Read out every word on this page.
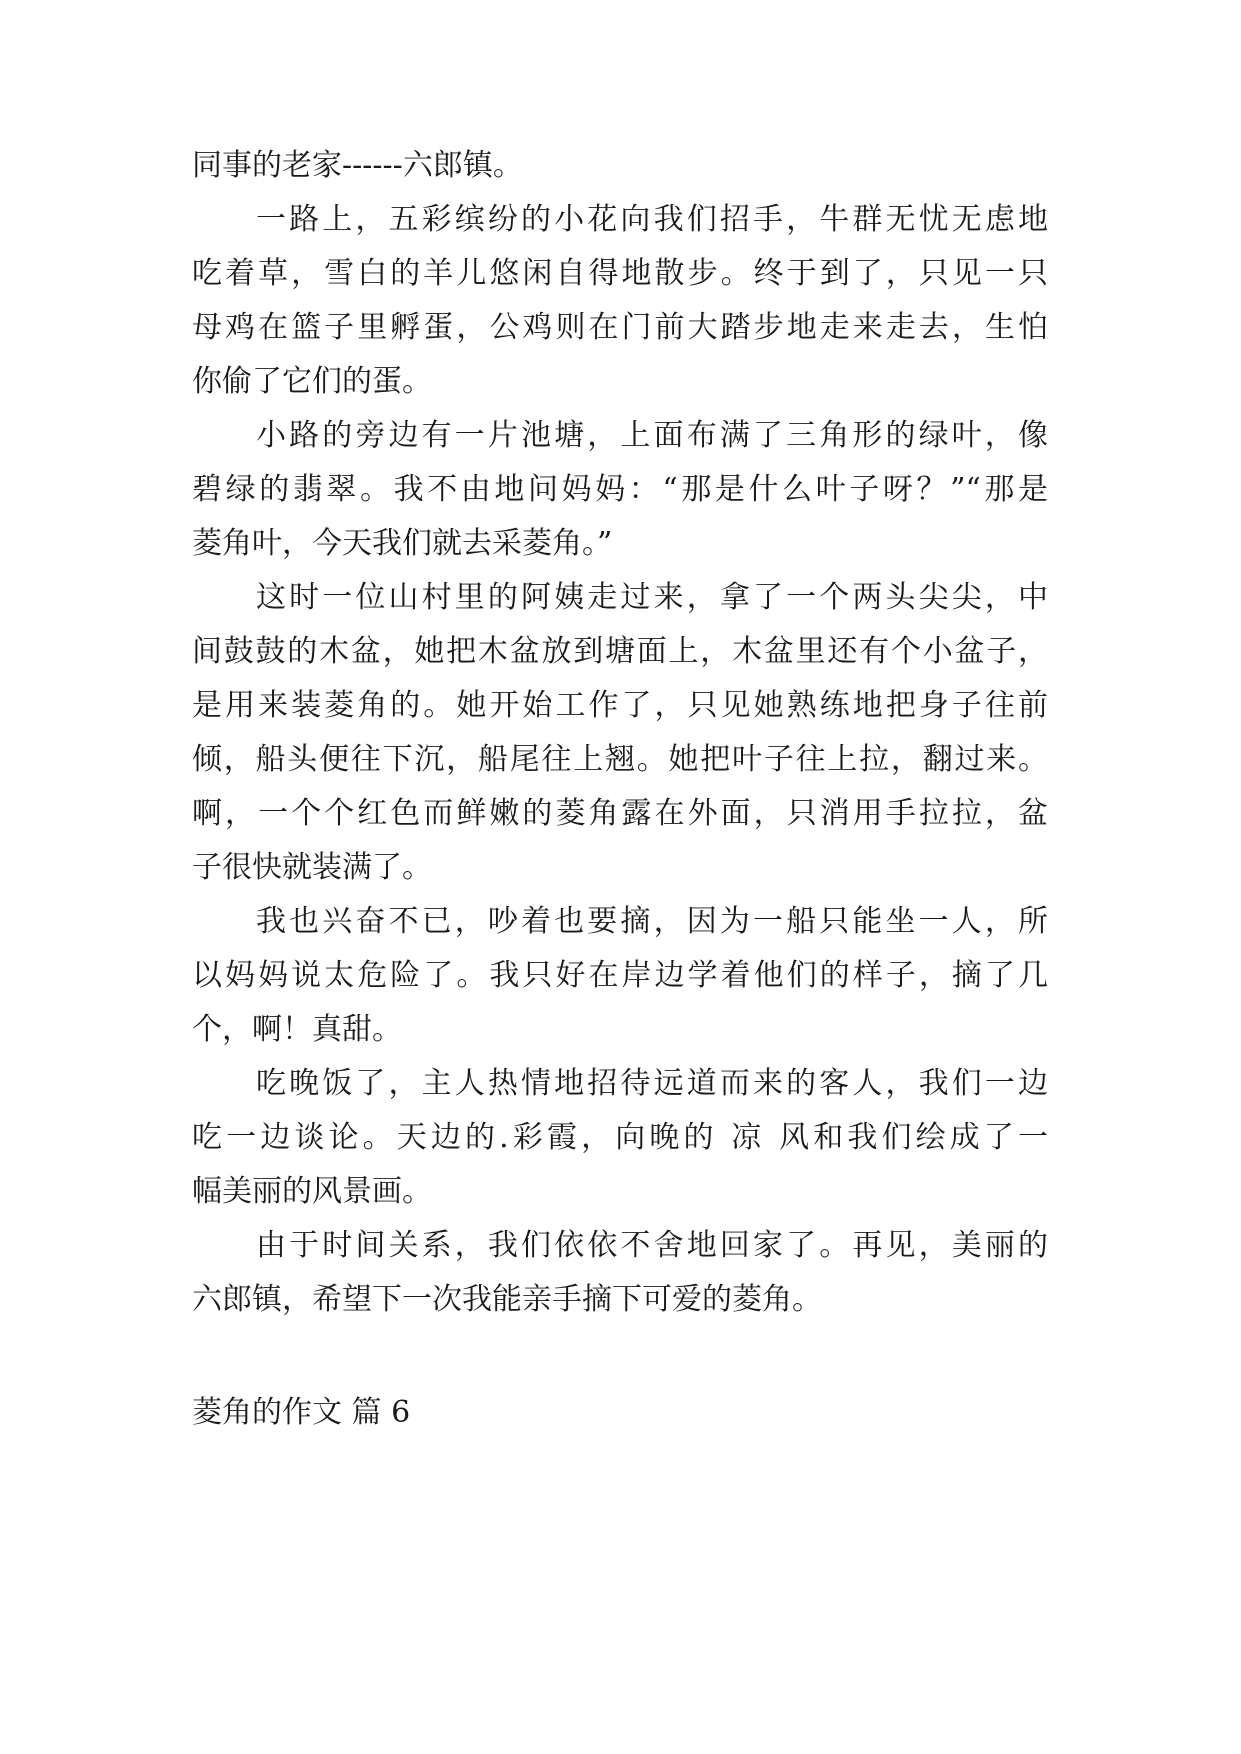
同事的老家------六郎镇。
一路上，五彩缤纷的小花向我们招手，牛群无忧无虑地
吃着草，雪白的羊儿悠闲自得地散步。终于到了，只见一只
母鸡在篮子里孵蛋，公鸡则在门前大踏步地走来走去，生怕
你偷了它们的蛋。
小路的旁边有一片池塘，上面布满了三角形的绿叶，像
碧绿的翡翠。我不由地问妈妈：“那是什么叶子呀？”“那是
菱角叶，今天我们就去采菱角。”
这时一位山村里的阿姨走过来，拿了一个两头尖尖，中
间鼓鼓的木盆，她把木盆放到塘面上，木盆里还有个小盆子，
是用来装菱角的。她开始工作了，只见她熟练地把身子往前
倾，船头便往下沉，船尾往上翘。她把叶子往上拉，翻过来。
啊，一个个红色而鲜嫩的菱角露在外面，只消用手拉拉，盆
子很快就装满了。
我也兴奋不已，吵着也要摘，因为一船只能坐一人，所
以妈妈说太危险了。我只好在岸边学着他们的样子，摘了几
个，啊！真甜。
吃晚饭了，主人热情地招待远道而来的客人，我们一边
吃一边谈论。天边的.彩霞，向晚的 凉 风和我们绘成了一
幅美丽的风景画。
由于时间关系，我们依依不舍地回家了。再见，美丽的
六郎镇，希望下一次我能亲手摘下可爱的菱角。
菱角的作文 篇 6
